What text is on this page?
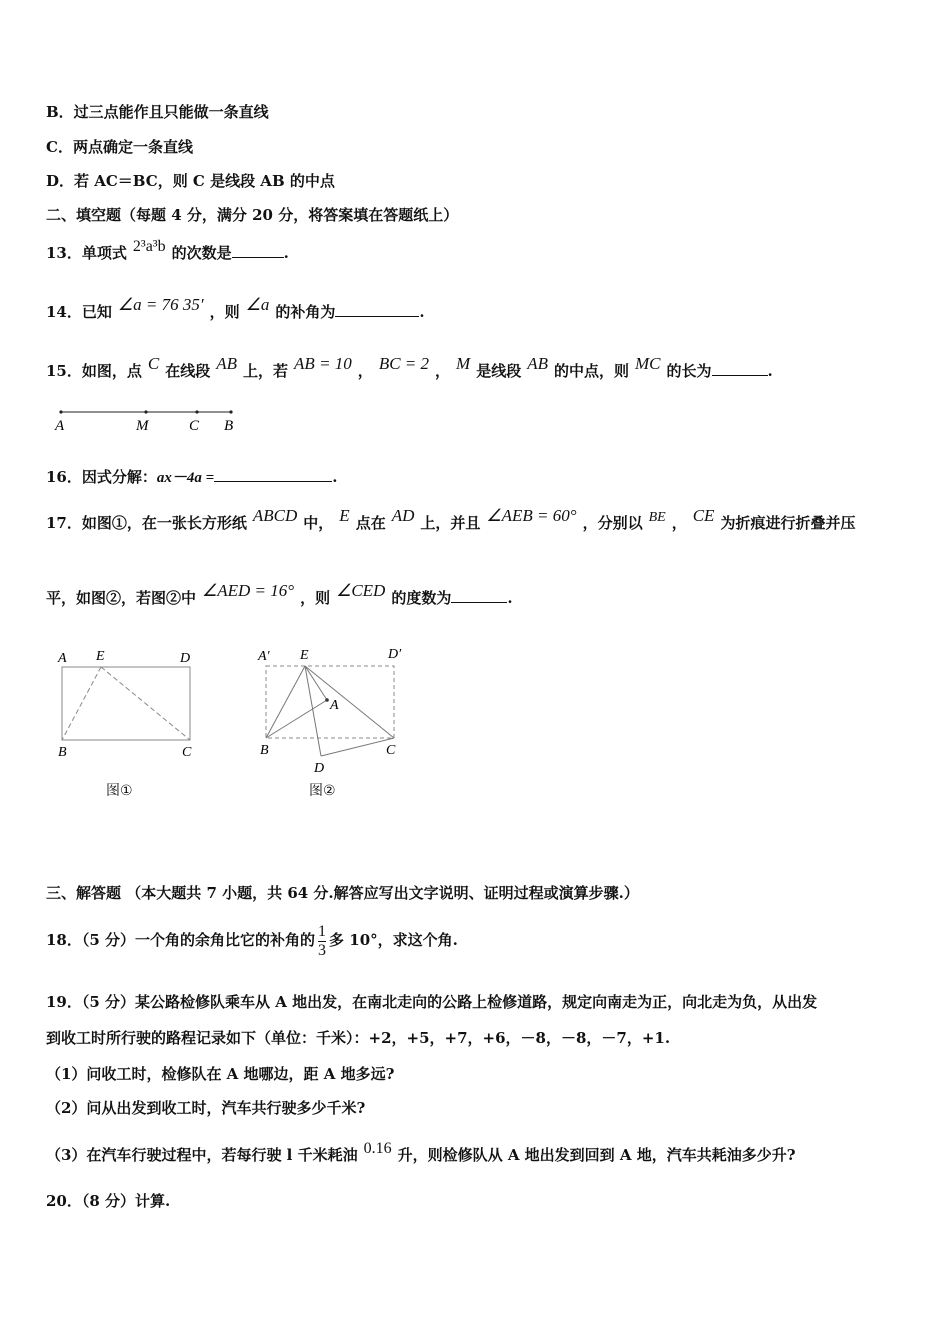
B．过三点能作且只能做一条直线
C．两点确定一条直线
D．若 AC＝BC，则 C 是线段 AB 的中点
二、填空题（每题 4 分，满分 20 分，将答案填在答题纸上）
13．单项式 2³a³b 的次数是	.
14．已知 ∠a = 76 35′ ，则 ∠a 的补角为	.
15．如图，点 C 在线段 AB 上，若 AB = 10 ， BC = 2 ， M 是线段 AB 的中点，则 MC 的长为	.
A	M	C B
16．因式分解：ax－4a =	.
17．如图①，在一张长方形纸 ABCD 中， E 点在 AD 上，并且 ∠AEB = 60° ，分别以 BE ， CE 为折痕进行折叠并压
平，如图②，若图②中 ∠AED = 16° ，则 ∠CED 的度数为	.
A E	D
B	C
图①
A′ E	D′
A
B	C
D
图②
三、解答题 （本大题共 7 小题，共 64 分.解答应写出文字说明、证明过程或演算步骤.）
18．（5 分）一个角的余角比它的补角的 $\frac{1}{3}$ 多 10°，求这个角.
19．（5 分）某公路检修队乘车从 A 地出发，在南北走向的公路上检修道路，规定向南走为正，向北走为负，从出发
到收工时所行驶的路程记录如下（单位：千米）：+2，+5，+7，+6，－8，－8，－7，+1.
（1）问收工时，检修队在 A 地哪边，距 A 地多远?
（2）问从出发到收工时，汽车共行驶多少千米?
（3）在汽车行驶过程中，若每行驶 l 千米耗油 0.16 升，则检修队从 A 地出发到回到 A 地，汽车共耗油多少升?
20．（8 分）计算.
